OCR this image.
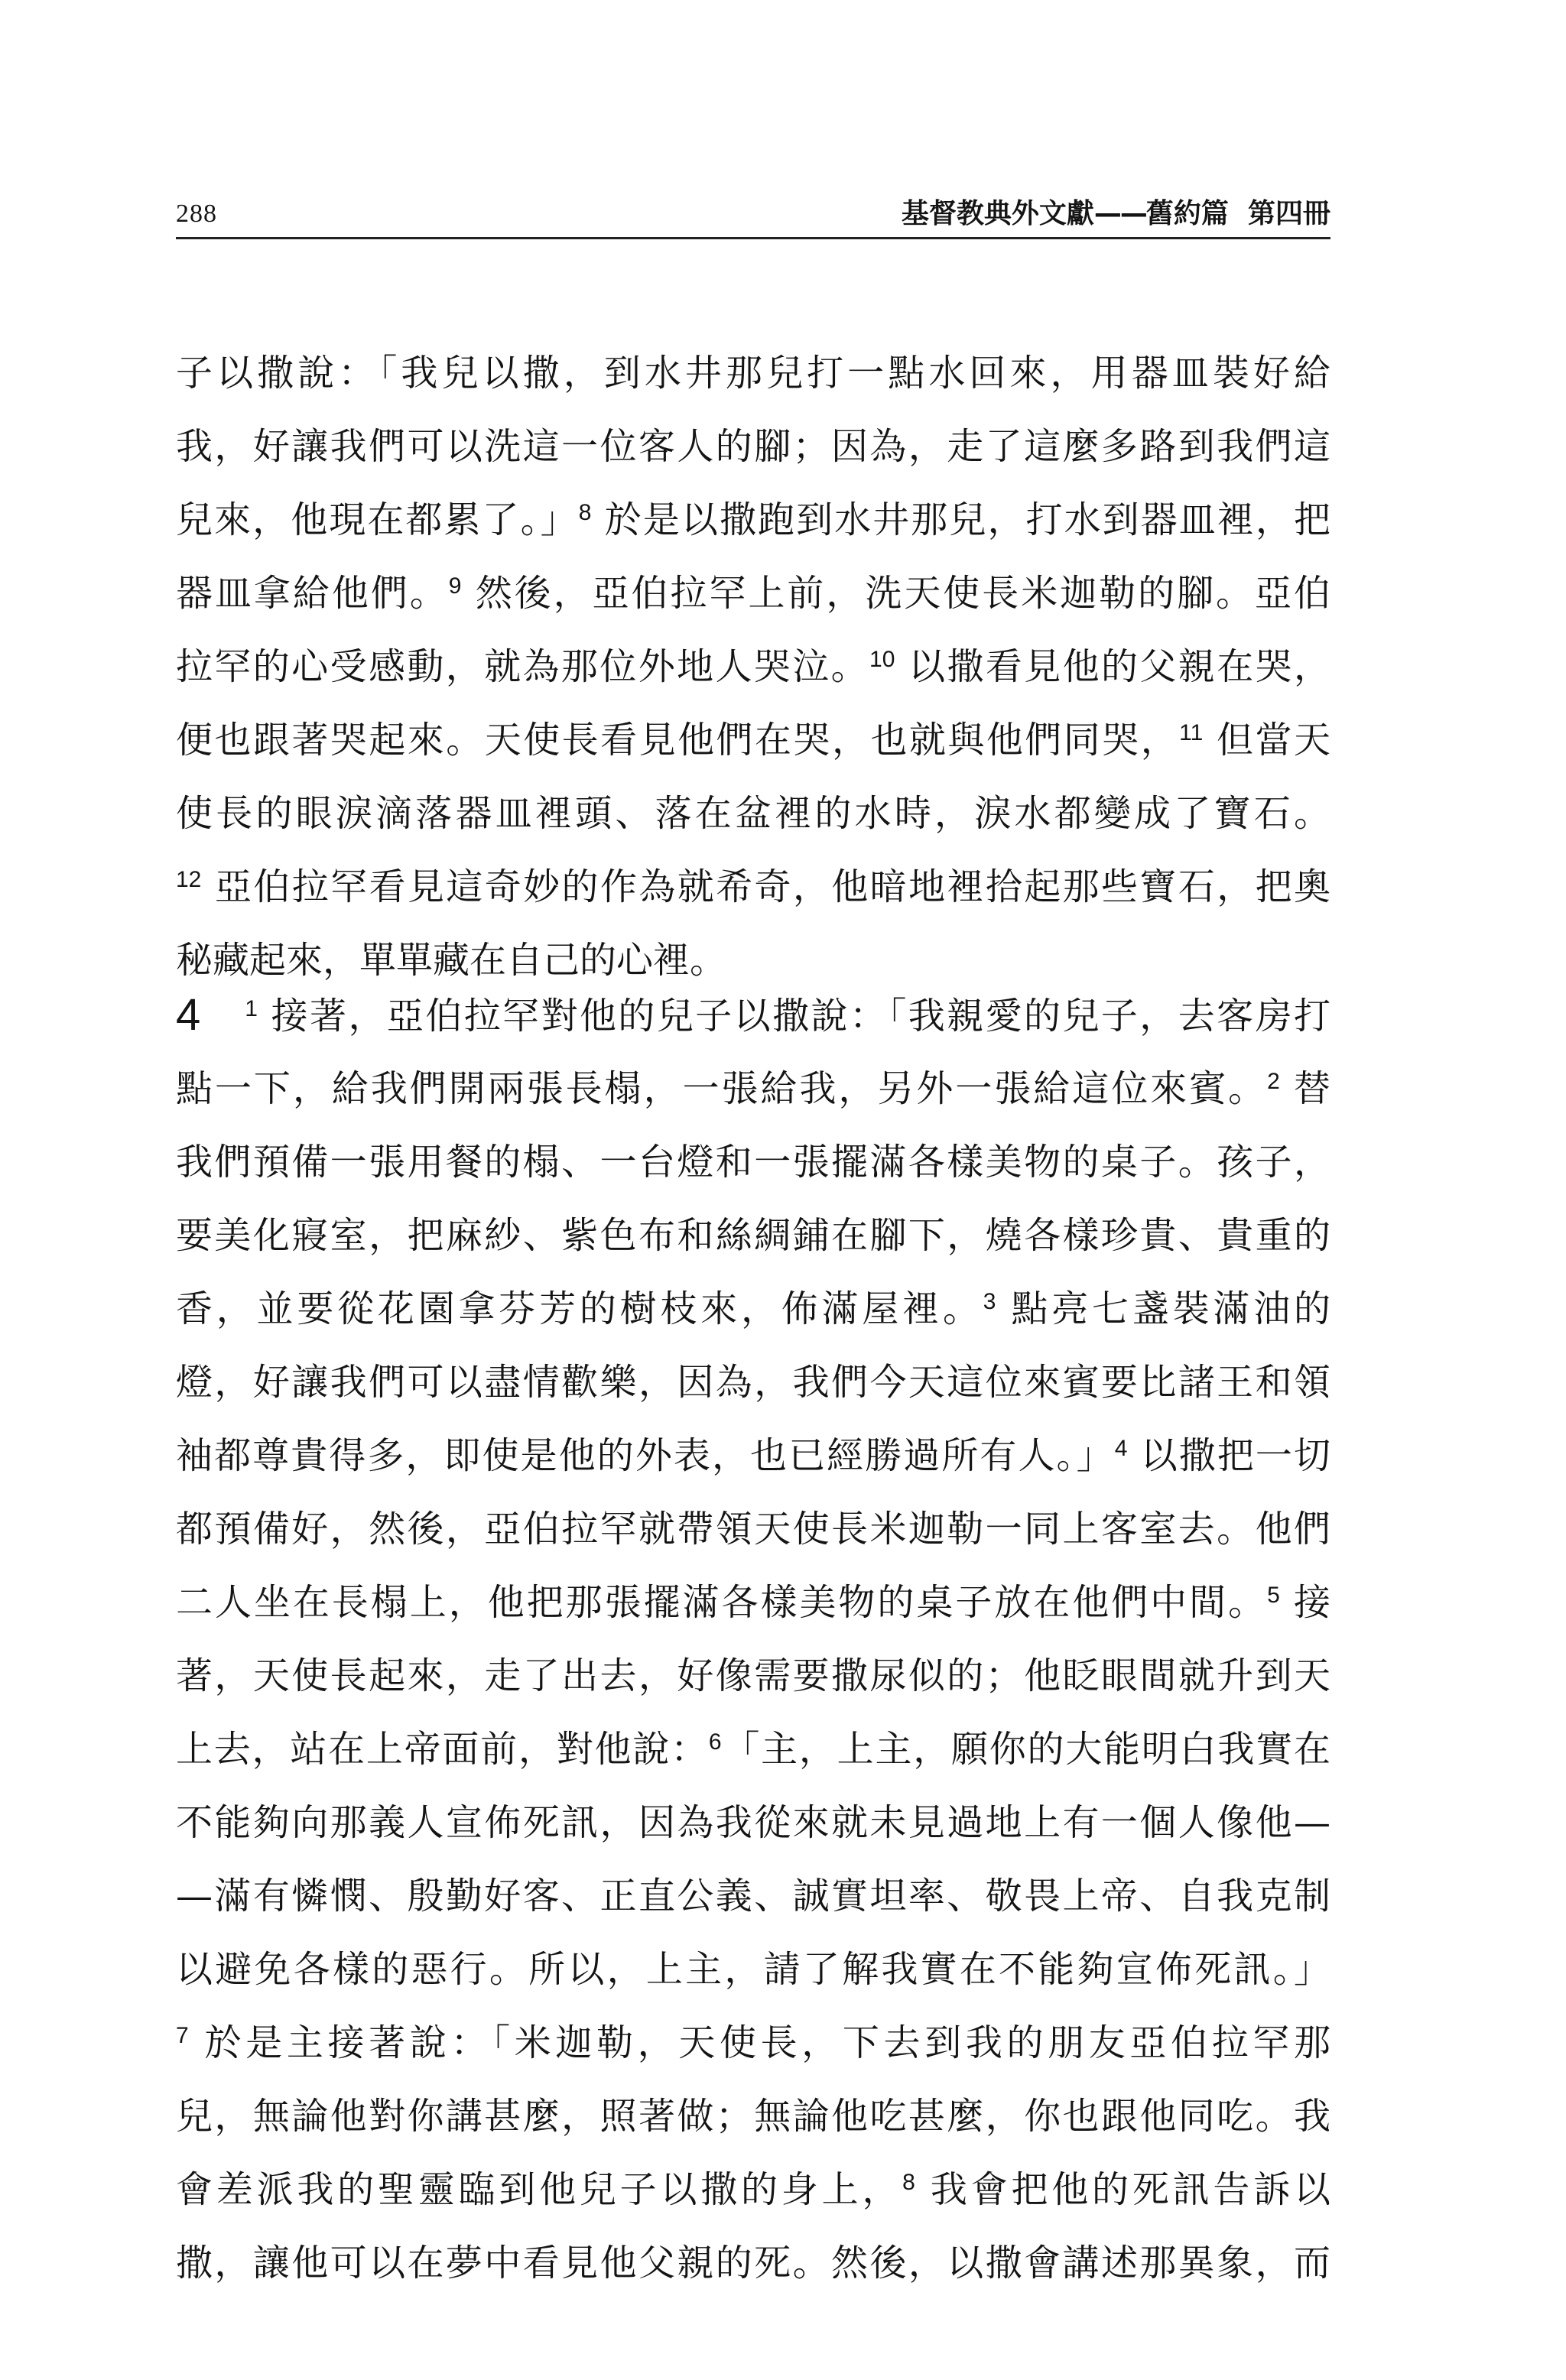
288	基督教典外文獻——舊約篇 第四冊
子以撒說：「我兒以撒，到水井那兒打一點水回來，用器皿裝好給
我，好讓我們可以洗這一位客人的腳；因為，走了這麼多路到我們這
兒來，他現在都累了。」$^8$ 於是以撒跑到水井那兒，打水到器皿裡，把
器皿拿給他們。$^9$ 然後，亞伯拉罕上前，洗天使長米迦勒的腳。亞伯
拉罕的心受感動，就為那位外地人哭泣。$^{10}$ 以撒看見他的父親在哭，
便也跟著哭起來。天使長看見他們在哭，也就與他們同哭，$^{11}$ 但當天
使長的眼淚滴落器皿裡頭、落在盆裡的水時，淚水都變成了寶石。
$^{12}$ 亞伯拉罕看見這奇妙的作為就希奇，他暗地裡拾起那些寶石，把奧
秘藏起來，單單藏在自己的心裡。
4 $^1$ 接著，亞伯拉罕對他的兒子以撒說：「我親愛的兒子，去客房打
點一下，給我們開兩張長榻，一張給我，另外一張給這位來賓。$^2$ 替
我們預備一張用餐的榻、一台燈和一張擺滿各樣美物的桌子。孩子，
要美化寢室，把麻紗、紫色布和絲綢鋪在腳下，燒各樣珍貴、貴重的
香，並要從花園拿芬芳的樹枝來，佈滿屋裡。$^3$ 點亮七盞裝滿油的
燈，好讓我們可以盡情歡樂，因為，我們今天這位來賓要比諸王和領
袖都尊貴得多，即使是他的外表，也已經勝過所有人。」$^4$ 以撒把一切
都預備好，然後，亞伯拉罕就帶領天使長米迦勒一同上客室去。他們
二人坐在長榻上，他把那張擺滿各樣美物的桌子放在他們中間。$^5$ 接
著，天使長起來，走了出去，好像需要撒尿似的；他眨眼間就升到天
上去，站在上帝面前，對他說：$^6$「主，上主，願你的大能明白我實在
不能夠向那義人宣佈死訊，因為我從來就未見過地上有一個人像他—
—滿有憐憫、殷勤好客、正直公義、誠實坦率、敬畏上帝、自我克制
以避免各樣的惡行。所以，上主，請了解我實在不能夠宣佈死訊。」
$^7$ 於是主接著說：「米迦勒，天使長，下去到我的朋友亞伯拉罕那
兒，無論他對你講甚麼，照著做；無論他吃甚麼，你也跟他同吃。我
會差派我的聖靈臨到他兒子以撒的身上，$^8$ 我會把他的死訊告訴以
撒，讓他可以在夢中看見他父親的死。然後，以撒會講述那異象，而
